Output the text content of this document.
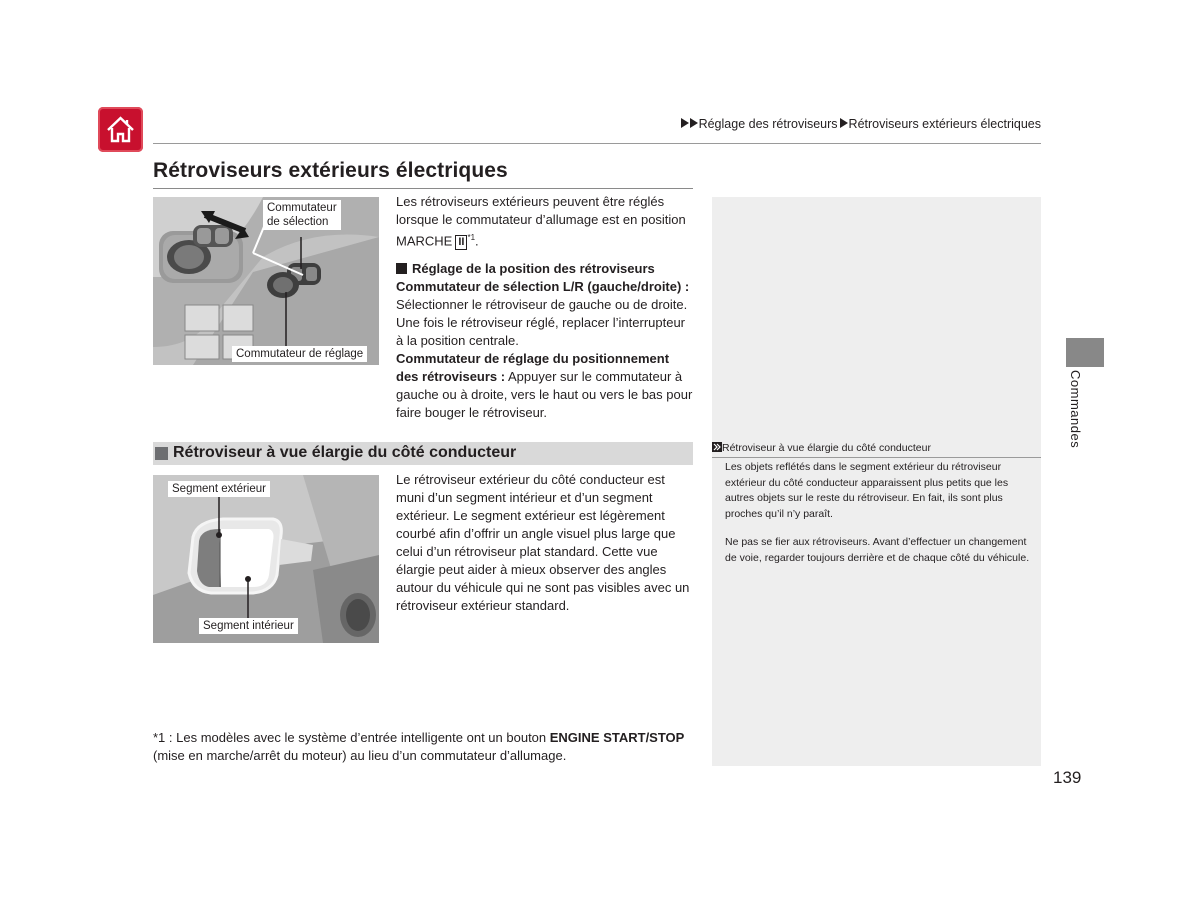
Réglage des rétroviseurs Rétroviseurs extérieurs électriques
Rétroviseurs extérieurs électriques
Commutateur
de sélection
Commutateur de réglage
Les rétroviseurs extérieurs peuvent être réglés lorsque le commutateur d’allumage est en position MARCHE II $^{*1}$.
Réglage de la position des rétroviseurs
Commutateur de sélection L/R (gauche/droite) :
Sélectionner le rétroviseur de gauche ou de droite. Une fois le rétroviseur réglé, replacer l’interrupteur à la position centrale.
Commutateur de réglage du positionnement des rétroviseurs : Appuyer sur le commutateur à gauche ou à droite, vers le haut ou vers le bas pour faire bouger le rétroviseur.
Rétroviseur à vue élargie du côté conducteur
Segment extérieur
Segment intérieur
Le rétroviseur extérieur du côté conducteur est muni d’un segment intérieur et d’un segment extérieur. Le segment extérieur est légèrement courbé afin d’offrir un angle visuel plus large que celui d’un rétroviseur plat standard. Cette vue élargie peut aider à mieux observer des angles autour du véhicule qui ne sont pas visibles avec un rétroviseur extérieur standard.
*1 : Les modèles avec le système d’entrée intelligente ont un bouton ENGINE START/STOP
(mise en marche/arrêt du moteur) au lieu d’un commutateur d’allumage.
Rétroviseur à vue élargie du côté conducteur
Les objets reflétés dans le segment extérieur du rétroviseur extérieur du côté conducteur apparaissent plus petits que les autres objets sur le reste du rétroviseur. En fait, ils sont plus proches qu’il n’y paraît.
Ne pas se fier aux rétroviseurs. Avant d’effectuer un changement de voie, regarder toujours derrière et de chaque côté du véhicule.
Commandes
139
